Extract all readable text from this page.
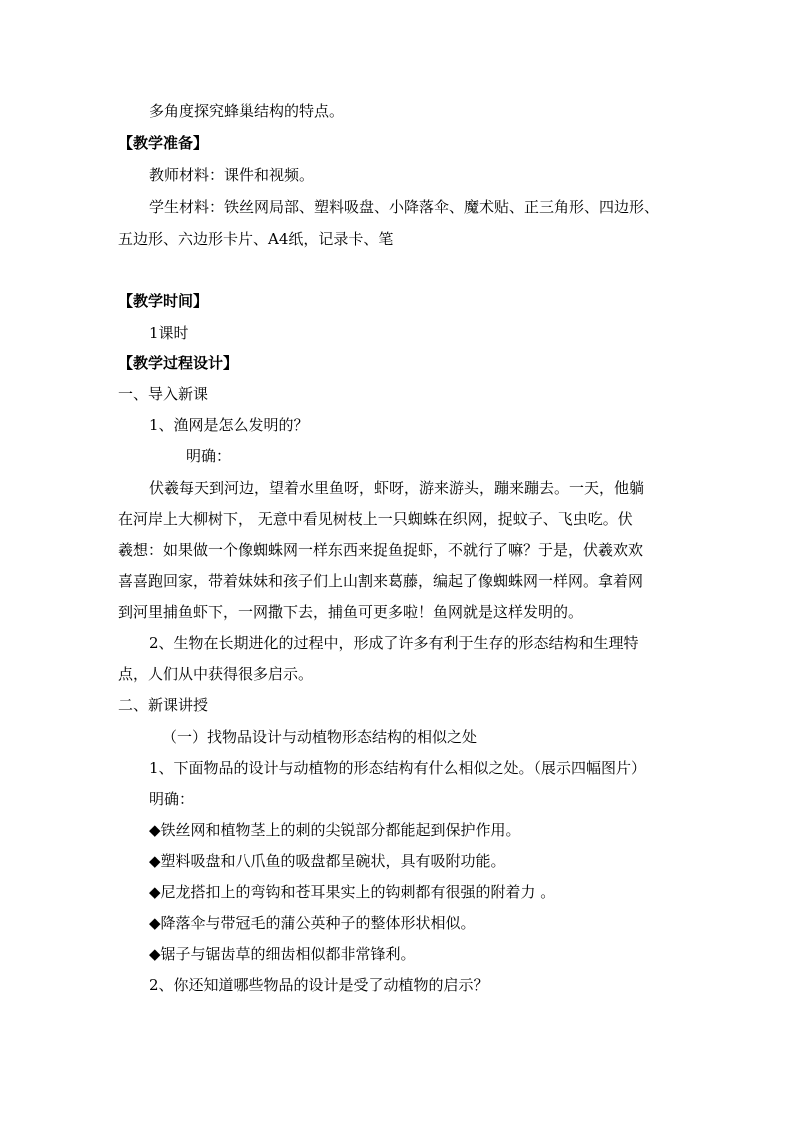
多角度探究蜂巢结构的特点。
【教学准备】
教师材料：课件和视频。
学生材料：铁丝网局部、塑料吸盘、小降落伞、魔术贴、正三角形、四边形、
五边形、六边形卡片、A4纸，记录卡、笔
【教学时间】
1课时
【教学过程设计】
一、导入新课
1、渔网是怎么发明的？
明确：
伏羲每天到河边，望着水里鱼呀，虾呀，游来游头，蹦来蹦去。一天，他躺
在河岸上大柳树下， 无意中看见树枝上一只蜘蛛在织网，捉蚊子、飞虫吃。伏
羲想：如果做一个像蜘蛛网一样东西来捉鱼捉虾，不就行了嘛？于是，伏羲欢欢
喜喜跑回家，带着妹妹和孩子们上山割来葛藤，编起了像蜘蛛网一样网。拿着网
到河里捕鱼虾下，一网撒下去，捕鱼可更多啦！鱼网就是这样发明的。
2、生物在长期进化的过程中，形成了许多有利于生存的形态结构和生理特
点，人们从中获得很多启示。
二、新课讲授
（一）找物品设计与动植物形态结构的相似之处
1、下面物品的设计与动植物的形态结构有什么相似之处。（展示四幅图片）
明确：
◆铁丝网和植物茎上的刺的尖锐部分都能起到保护作用。
◆塑料吸盘和八爪鱼的吸盘都呈碗状，具有吸附功能。
◆尼龙搭扣上的弯钩和苍耳果实上的钩刺都有很强的附着力 。
◆降落伞与带冠毛的蒲公英种子的整体形状相似。
◆锯子与锯齿草的细齿相似都非常锋利。
2、你还知道哪些物品的设计是受了动植物的启示？
